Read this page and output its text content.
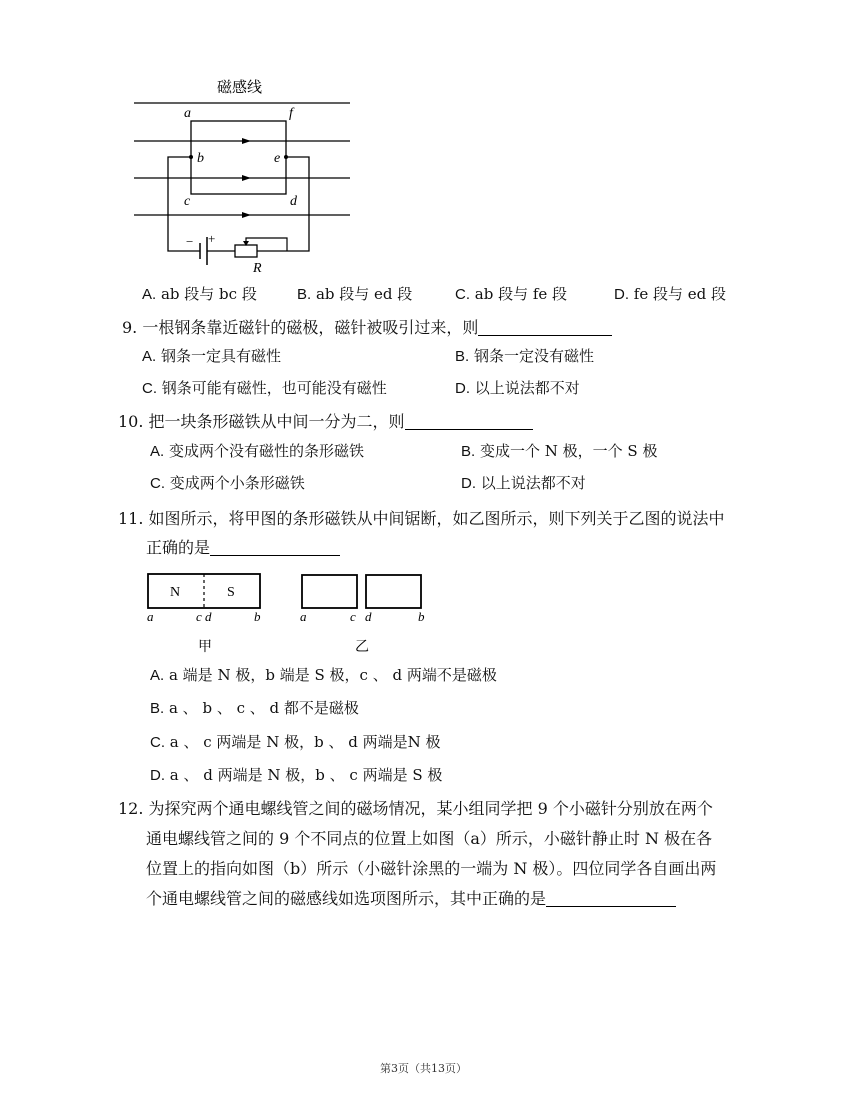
磁感线
− +
a	f
b	e
c	d
R
A. ab 段与 bc 段	B. ab 段与 ed 段	C. ab 段与 fe 段	D. fe 段与 ed 段
9. 一根钢条靠近磁针的磁极，磁针被吸引过来，则
A. 钢条一定具有磁性	B. 钢条一定没有磁性
C. 钢条可能有磁性，也可能没有磁性	D. 以上说法都不对
10. 把一块条形磁铁从中间一分为二，则
A. 变成两个没有磁性的条形磁铁	B. 变成一个 N 极，一个 S 极
C. 变成两个小条形磁铁	D. 以上说法都不对
11. 如图所示，将甲图的条形磁铁从中间锯断，如乙图所示，则下列关于乙图的说法中
正确的是
N	S
a	c d	b
甲
a	c d	b
乙
A. a 端是 N 极，b 端是 S 极，c 、 d 两端不是磁极
B. a 、 b 、 c 、 d 都不是磁极
C. a 、 c 两端是 N 极，b 、 d 两端是N 极
D. a 、 d 两端是 N 极，b 、 c 两端是 S 极
12. 为探究两个通电螺线管之间的磁场情况，某小组同学把 9 个小磁针分别放在两个
通电螺线管之间的 9 个不同点的位置上如图（a）所示，小磁针静止时 N 极在各
位置上的指向如图（b）所示（小磁针涂黑的一端为 N 极）。四位同学各自画出两
个通电螺线管之间的磁感线如选项图所示，其中正确的是
第3页（共13页）
